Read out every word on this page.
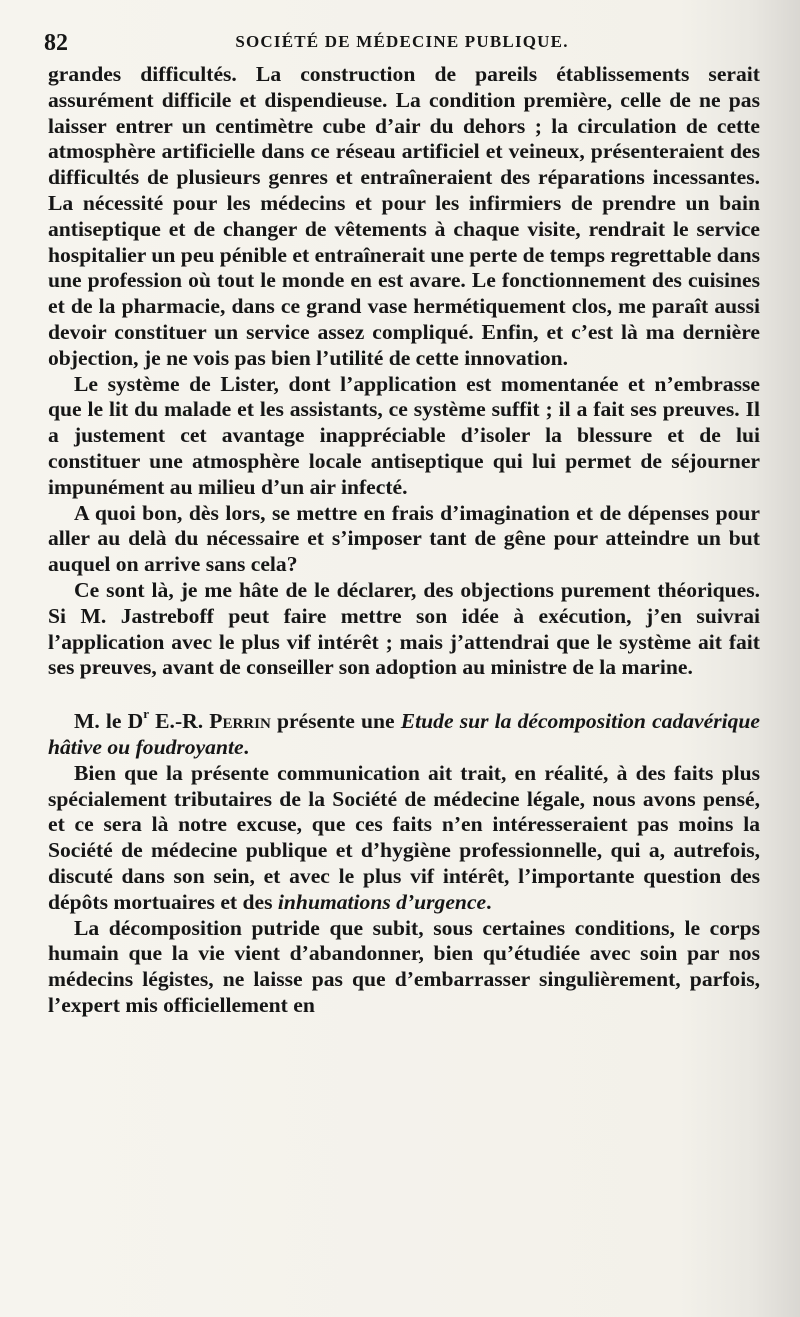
82	SOCIÉTÉ DE MÉDECINE PUBLIQUE.

grandes difficultés. La construction de pareils établissements serait assurément difficile et dispendieuse. La condition première, celle de ne pas laisser entrer un centimètre cube d’air du dehors ; la circulation de cette atmosphère artificielle dans ce réseau artificiel et veineux, présenteraient des difficultés de plusieurs genres et entraîneraient des réparations incessantes. La nécessité pour les médecins et pour les infirmiers de prendre un bain antiseptique et de changer de vêtements à chaque visite, rendrait le service hospitalier un peu pénible et entraînerait une perte de temps regrettable dans une profession où tout le monde en est avare. Le fonctionnement des cuisines et de la pharmacie, dans ce grand vase hermétiquement clos, me paraît aussi devoir constituer un service assez compliqué. Enfin, et c’est là ma dernière objection, je ne vois pas bien l’utilité de cette innovation.

Le système de Lister, dont l’application est momentanée et n’embrasse que le lit du malade et les assistants, ce système suffit ; il a fait ses preuves. Il a justement cet avantage inappréciable d’isoler la blessure et de lui constituer une atmosphère locale antiseptique qui lui permet de séjourner impunément au milieu d’un air infecté.

A quoi bon, dès lors, se mettre en frais d’imagination et de dépenses pour aller au delà du nécessaire et s’imposer tant de gêne pour atteindre un but auquel on arrive sans cela?

Ce sont là, je me hâte de le déclarer, des objections purement théoriques. Si M. Jastreboff peut faire mettre son idée à exécution, j’en suivrai l’application avec le plus vif intérêt ; mais j’attendrai que le système ait fait ses preuves, avant de conseiller son adoption au ministre de la marine.

M. le $D^r$ E.-R. Perrin présente une Etude sur la décomposition cadavérique hâtive ou foudroyante.

Bien que la présente communication ait trait, en réalité, à des faits plus spécialement tributaires de la Société de médecine légale, nous avons pensé, et ce sera là notre excuse, que ces faits n’en intéresseraient pas moins la Société de médecine publique et d’hygiène professionnelle, qui a, autrefois, discuté dans son sein, et avec le plus vif intérêt, l’importante question des dépôts mortuaires et des inhumations d’urgence.

La décomposition putride que subit, sous certaines conditions, le corps humain que la vie vient d’abandonner, bien qu’étudiée avec soin par nos médecins légistes, ne laisse pas que d’embarrasser singulièrement, parfois, l’expert mis officiellement en
